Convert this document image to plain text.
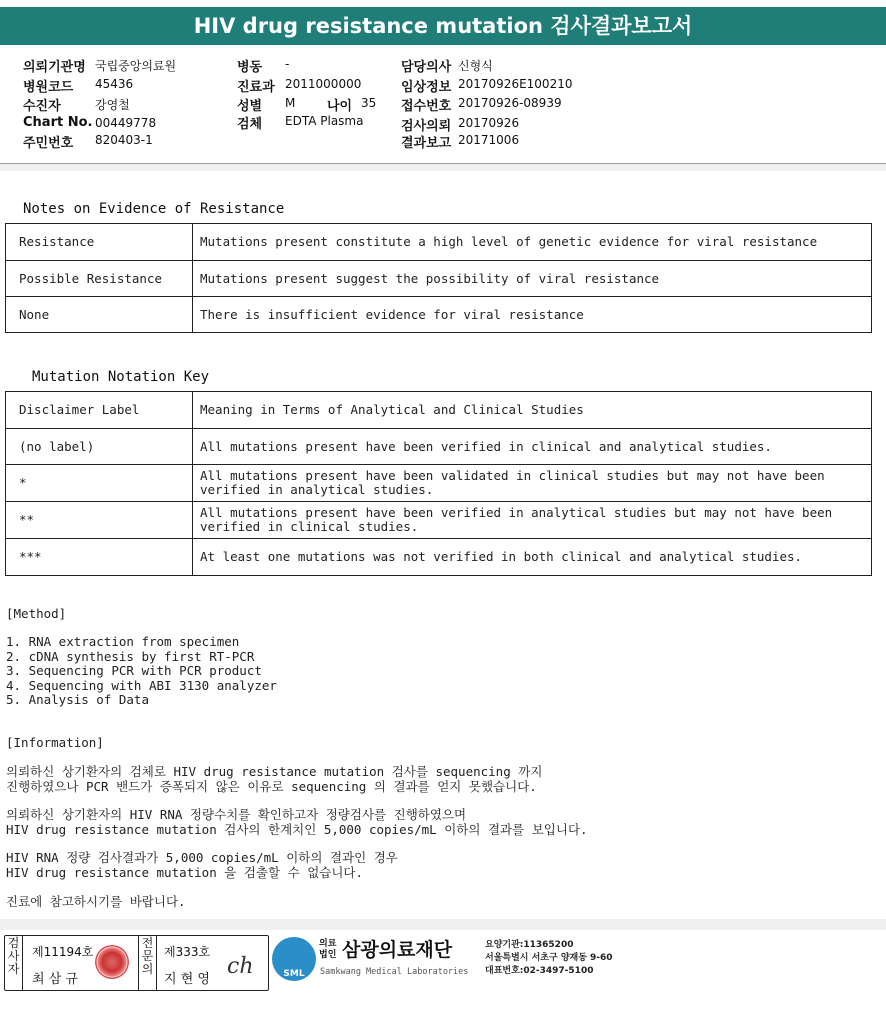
HIV drug resistance mutation 검사결과보고서
의뢰기관명 국립중앙의료원
병원코드 45436
수진자	강영철
Chart No. 00449778
주민번호 820403-1
병동 -
진료과 2011000000
성별 M 나이 35
검체 EDTA Plasma
담당의사 신형식
임상정보 20170926E100210
접수번호 20170926-08939
검사의뢰 20170926
결과보고 20171006
Notes on Evidence of Resistance
Resistance	Mutations present constitute a high level of genetic evidence for viral resistance
Possible Resistance	Mutations present suggest the possibility of viral resistance
None	There is insufficient evidence for viral resistance
Mutation Notation Key
Disclaimer Label	Meaning in Terms of Analytical and Clinical Studies
(no label)	All mutations present have been verified in clinical and analytical studies.
*	All mutations present have been validated in clinical studies but may not have been verified in analytical studies.
**	All mutations present have been verified in analytical studies but may not have been verified in clinical studies.
***	At least one mutations was not verified in both clinical and analytical studies.
[Method]
1. RNA extraction from specimen
2. cDNA synthesis by first RT-PCR
3. Sequencing PCR with PCR product
4. Sequencing with ABI 3130 analyzer
5. Analysis of Data
[Information]
의뢰하신 상기환자의 검체로 HIV drug resistance mutation 검사를 sequencing 까지
진행하였으나 PCR 밴드가 증폭되지 않은 이유로 sequencing 의 결과를 얻지 못했습니다.
의뢰하신 상기환자의 HIV RNA 정량수치를 확인하고자 정량검사를 진행하였으며
HIV drug resistance mutation 검사의 한계치인 5,000 copies/mL 이하의 결과를 보입니다.
HIV RNA 정량 검사결과가 5,000 copies/mL 이하의 결과인 경우
HIV drug resistance mutation 을 검출할 수 없습니다.
진료에 참고하시기를 바랍니다.
검사자
제11194호
최 삼 규
전문의
제333호
지 현 영
ch	SML
의료
법인 삼광의료재단
Samkwang Medical Laboratories
요양기관:11365200
서울특별시 서초구 양재동 9-60
대표번호:02-3497-5100
